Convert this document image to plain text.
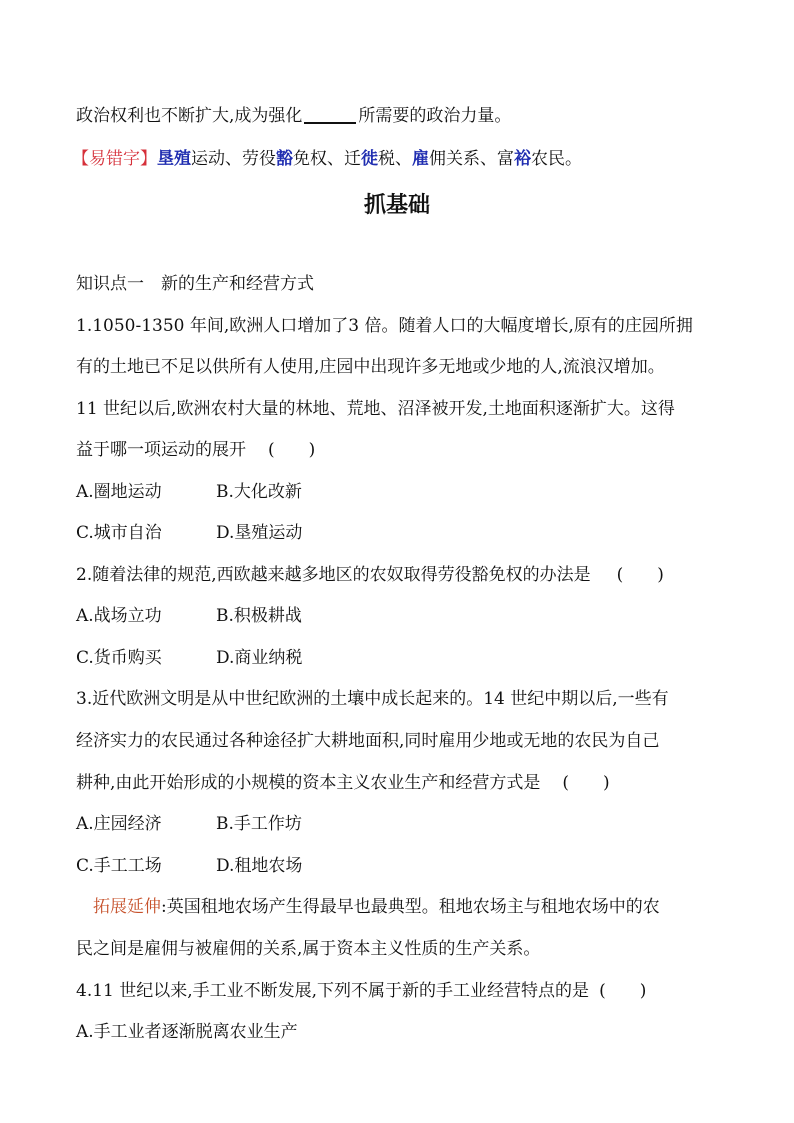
政治权利也不断扩大,成为强化	所需要的政治力量。
【易错字】垦殖运动、劳役豁免权、迁徙税、雇佣关系、富裕农民。
抓基础
知识点一　新的生产和经营方式
1.1050-1350 年间,欧洲人口增加了3 倍。随着人口的大幅度增长,原有的庄园所拥
有的土地已不足以供所有人使用,庄园中出现许多无地或少地的人,流浪汉增加。
11 世纪以后,欧洲农村大量的林地、荒地、沼泽被开发,土地面积逐渐扩大。这得
益于哪一项运动的展开 (　　)
A.圈地运动	B.大化改新
C.城市自治	D.垦殖运动
2.随着法律的规范,西欧越来越多地区的农奴取得劳役豁免权的办法是 (　　)
A.战场立功	B.积极耕战
C.货币购买	D.商业纳税
3.近代欧洲文明是从中世纪欧洲的土壤中成长起来的。14 世纪中期以后,一些有
经济实力的农民通过各种途径扩大耕地面积,同时雇用少地或无地的农民为自己
耕种,由此开始形成的小规模的资本主义农业生产和经营方式是 (　　)
A.庄园经济	B.手工作坊
C.手工工场	D.租地农场
拓展延伸:英国租地农场产生得最早也最典型。租地农场主与租地农场中的农
民之间是雇佣与被雇佣的关系,属于资本主义性质的生产关系。
4.11 世纪以来,手工业不断发展,下列不属于新的手工业经营特点的是 (　　)
A.手工业者逐渐脱离农业生产
